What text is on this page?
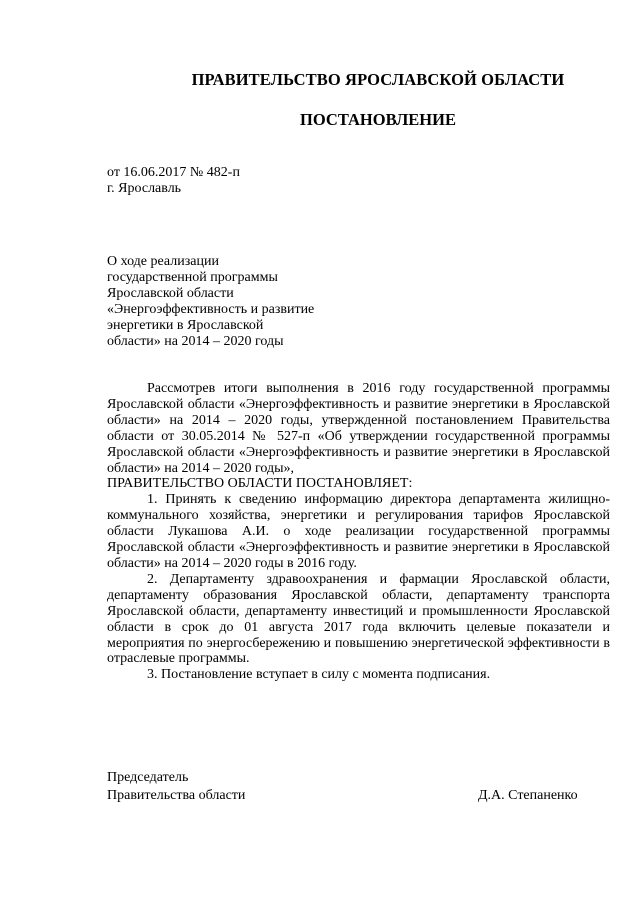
ПРАВИТЕЛЬСТВО ЯРОСЛАВСКОЙ ОБЛАСТИ
ПОСТАНОВЛЕНИЕ
от 16.06.2017 № 482-п
г. Ярославль
О ходе реализации
государственной программы
Ярославской области
«Энергоэффективность и развитие
энергетики в Ярославской
области» на 2014 – 2020 годы

Рассмотрев итоги выполнения в 2016 году государственной программы Ярославской области «Энергоэффективность и развитие энергетики в Ярославской области» на 2014 – 2020 годы, утвержденной постановлением Правительства области от 30.05.2014 № 527-п «Об утверждении государственной программы Ярославской области «Энергоэффективность и развитие энергетики в Ярославской области» на 2014 – 2020 годы»,

ПРАВИТЕЛЬСТВО ОБЛАСТИ ПОСТАНОВЛЯЕТ:

1. Принять к сведению информацию директора департамента жилищно-коммунального хозяйства, энергетики и регулирования тарифов Ярославской области Лукашова А.И. о ходе реализации государственной программы Ярославской области «Энергоэффективность и развитие энергетики в Ярославской области» на 2014 – 2020 годы в 2016 году.

2. Департаменту здравоохранения и фармации Ярославской области, департаменту образования Ярославской области, департаменту транспорта Ярославской области, департаменту инвестиций и промышленности Ярославской области в срок до 01 августа 2017 года включить целевые показатели и мероприятия по энергосбережению и повышению энергетической эффективности в отраслевые программы.

3. Постановление вступает в силу с момента подписания.

Председатель
Правительства области	Д.А. Степаненко
